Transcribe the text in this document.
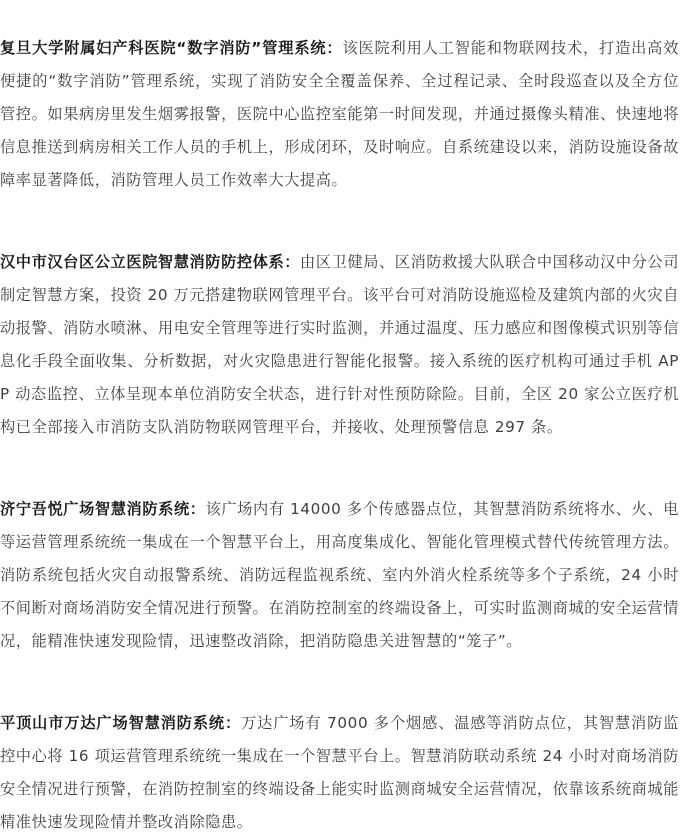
复旦大学附属妇产科医院“数字消防”管理系统：该医院利用人工智能和物联网技术，打造出高效便捷的“数字消防”管理系统，实现了消防安全全覆盖保养、全过程记录、全时段巡查以及全方位管控。如果病房里发生烟雾报警，医院中心监控室能第一时间发现，并通过摄像头精准、快速地将信息推送到病房相关工作人员的手机上，形成闭环，及时响应。自系统建设以来，消防设施设备故障率显著降低，消防管理人员工作效率大大提高。

汉中市汉台区公立医院智慧消防防控体系：由区卫健局、区消防救援大队联合中国移动汉中分公司制定智慧方案，投资 20 万元搭建物联网管理平台。该平台可对消防设施巡检及建筑内部的火灾自动报警、消防水喷淋、用电安全管理等进行实时监测，并通过温度、压力感应和图像模式识别等信息化手段全面收集、分析数据，对火灾隐患进行智能化报警。接入系统的医疗机构可通过手机 APP 动态监控、立体呈现本单位消防安全状态，进行针对性预防除险。目前，全区 20 家公立医疗机构已全部接入市消防支队消防物联网管理平台，并接收、处理预警信息 297 条。

济宁吾悦广场智慧消防系统：该广场内有 14000 多个传感器点位，其智慧消防系统将水、火、电等运营管理系统统一集成在一个智慧平台上，用高度集成化、智能化管理模式替代传统管理方法。消防系统包括火灾自动报警系统、消防远程监视系统、室内外消火栓系统等多个子系统，24 小时不间断对商场消防安全情况进行预警。在消防控制室的终端设备上，可实时监测商城的安全运营情况，能精准快速发现险情，迅速整改消除，把消防隐患关进智慧的“笼子”。

平顶山市万达广场智慧消防系统：万达广场有 7000 多个烟感、温感等消防点位，其智慧消防监控中心将 16 项运营管理系统统一集成在一个智慧平台上。智慧消防联动系统 24 小时对商场消防安全情况进行预警，在消防控制室的终端设备上能实时监测商城安全运营情况，依靠该系统商城能精准快速发现险情并整改消除隐患。
